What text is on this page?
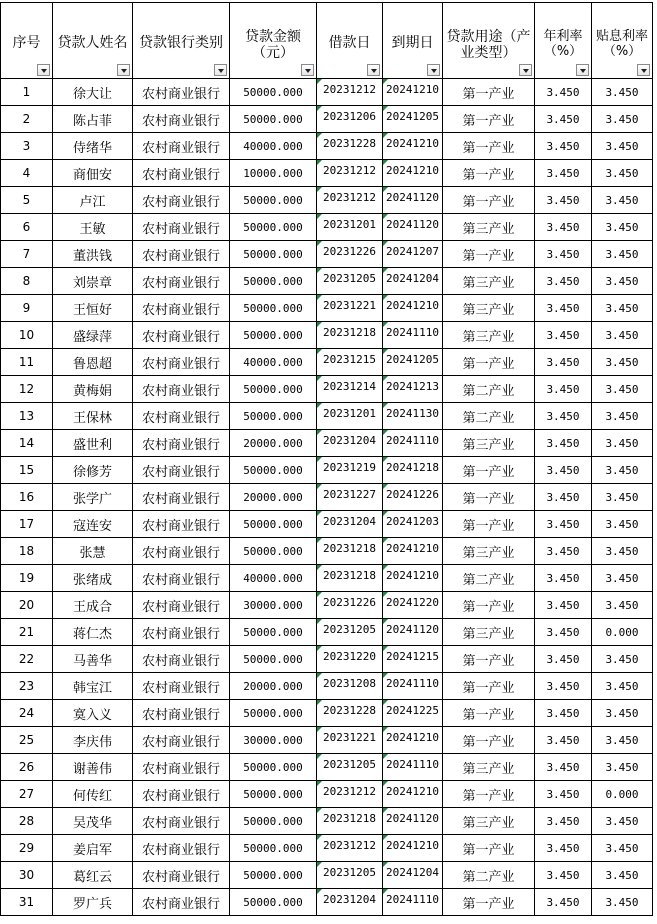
序号	贷款人姓名	贷款银行类别	贷款金额（元）	借款日	到期日	贷款用途（产业类型）	年利率（%）	贴息利率（%）

1	徐大让	农村商业银行	50000.000	20231212	20241210	第一产业	3.450	3.450
2	陈占菲	农村商业银行	50000.000	20231206	20241205	第一产业	3.450	3.450
3	侍绪华	农村商业银行	40000.000	20231228	20241210	第一产业	3.450	3.450
4	商佃安	农村商业银行	10000.000	20231212	20241210	第一产业	3.450	3.450
5	卢江	农村商业银行	50000.000	20231212	20241120	第一产业	3.450	3.450
6	王敏	农村商业银行	50000.000	20231201	20241120	第三产业	3.450	3.450
7	董洪钱	农村商业银行	50000.000	20231226	20241207	第一产业	3.450	3.450
8	刘崇章	农村商业银行	50000.000	20231205	20241204	第三产业	3.450	3.450
9	王恒好	农村商业银行	50000.000	20231221	20241210	第三产业	3.450	3.450
10	盛绿萍	农村商业银行	50000.000	20231218	20241110	第三产业	3.450	3.450
11	鲁恩超	农村商业银行	40000.000	20231215	20241205	第一产业	3.450	3.450
12	黄梅娟	农村商业银行	50000.000	20231214	20241213	第二产业	3.450	3.450
13	王保林	农村商业银行	50000.000	20231201	20241130	第二产业	3.450	3.450
14	盛世利	农村商业银行	20000.000	20231204	20241110	第三产业	3.450	3.450
15	徐修芳	农村商业银行	50000.000	20231219	20241218	第一产业	3.450	3.450
16	张学广	农村商业银行	20000.000	20231227	20241226	第一产业	3.450	3.450
17	寇连安	农村商业银行	50000.000	20231204	20241203	第一产业	3.450	3.450
18	张慧	农村商业银行	50000.000	20231218	20241210	第三产业	3.450	3.450
19	张绪成	农村商业银行	40000.000	20231218	20241210	第二产业	3.450	3.450
20	王成合	农村商业银行	30000.000	20231226	20241220	第一产业	3.450	3.450
21	蒋仁杰	农村商业银行	50000.000	20231205	20241120	第三产业	3.450	0.000
22	马善华	农村商业银行	50000.000	20231220	20241215	第一产业	3.450	3.450
23	韩宝江	农村商业银行	20000.000	20231208	20241110	第一产业	3.450	3.450
24	寞入义	农村商业银行	50000.000	20231228	20241225	第一产业	3.450	3.450
25	李庆伟	农村商业银行	30000.000	20231221	20241210	第一产业	3.450	3.450
26	谢善伟	农村商业银行	50000.000	20231205	20241110	第三产业	3.450	3.450
27	何传红	农村商业银行	50000.000	20231212	20241210	第一产业	3.450	0.000
28	吴茂华	农村商业银行	50000.000	20231218	20241120	第三产业	3.450	3.450
29	姜启军	农村商业银行	50000.000	20231212	20241210	第一产业	3.450	3.450
30	葛红云	农村商业银行	50000.000	20231205	20241204	第二产业	3.450	3.450
31	罗广兵	农村商业银行	50000.000	20231204	20241110	第一产业	3.450	3.450
